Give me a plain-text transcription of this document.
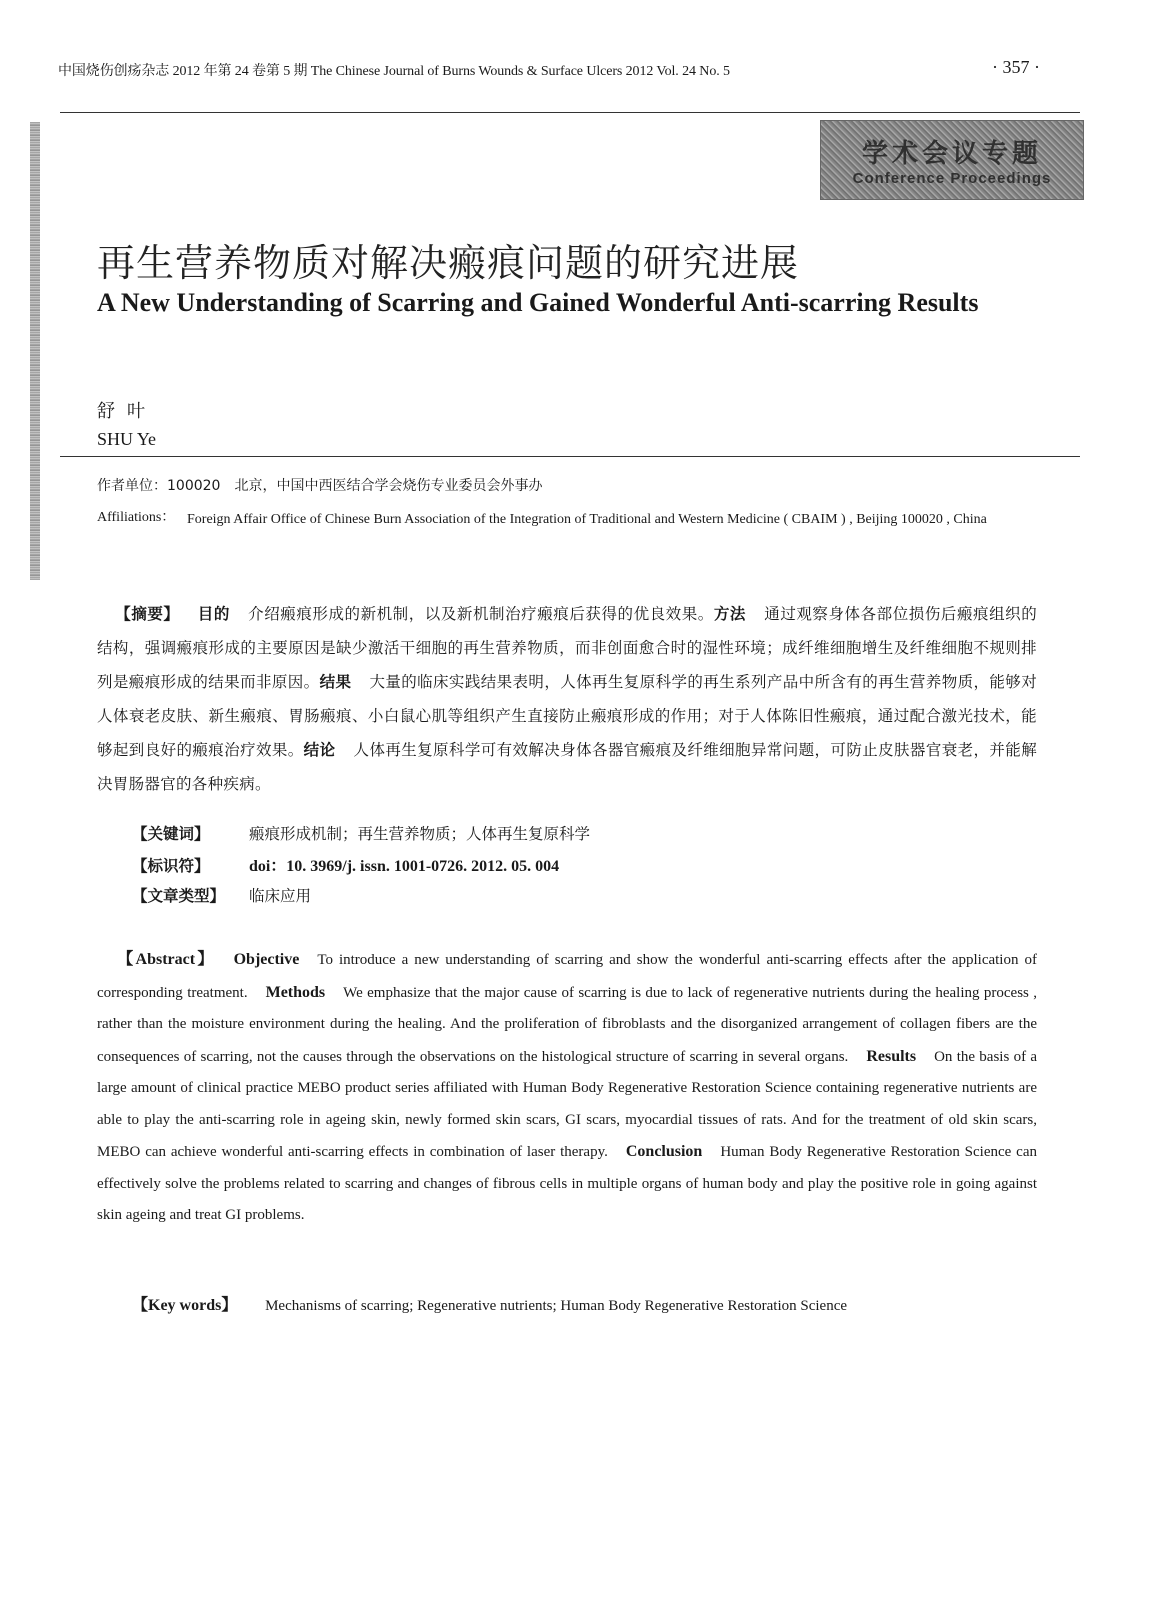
中国烧伤创疡杂志 2012 年第 24 卷第 5 期 The Chinese Journal of Burns Wounds & Surface Ulcers 2012 Vol. 24 No. 5	· 357 ·
学术会议专题
Conference Proceedings
再生营养物质对解决瘢痕问题的研究进展
A New Understanding of Scarring and Gained Wonderful Anti-scarring Results
舒叶
SHU Ye
作者单位：100020　北京，中国中西医结合学会烧伤专业委员会外事办
Affiliations： Foreign Affair Office of Chinese Burn Association of the Integration of Traditional and Western Medicine ( CBAIM ) , Beijing 100020 , China
【摘要】 目的 介绍瘢痕形成的新机制，以及新机制治疗瘢痕后获得的优良效果。方法 通过观察身体各部位损伤后瘢痕组织的结构，强调瘢痕形成的主要原因是缺少激活干细胞的再生营养物质，而非创面愈合时的湿性环境；成纤维细胞增生及纤维细胞不规则排列是瘢痕形成的结果而非原因。结果 大量的临床实践结果表明，人体再生复原科学的再生系列产品中所含有的再生营养物质，能够对人体衰老皮肤、新生瘢痕、胃肠瘢痕、小白鼠心肌等组织产生直接防止瘢痕形成的作用；对于人体陈旧性瘢痕，通过配合激光技术，能够起到良好的瘢痕治疗效果。结论 人体再生复原科学可有效解决身体各器官瘢痕及纤维细胞异常问题，可防止皮肤器官衰老，并能解决胃肠器官的各种疾病。
【关键词】	瘢痕形成机制；再生营养物质；人体再生复原科学
【标识符】 doi：10. 3969/j. issn. 1001-0726. 2012. 05. 004
【文章类型】 临床应用
【Abstract】 Objective To introduce a new understanding of scarring and show the wonderful anti-scarring effects after the application of corresponding treatment. Methods We emphasize that the major cause of scarring is due to lack of regenerative nutrients during the healing process , rather than the moisture environment during the healing. And the proliferation of fibroblasts and the disorganized arrangement of collagen fibers are the consequences of scarring, not the causes through the observations on the histological structure of scarring in several organs. Results On the basis of a large amount of clinical practice MEBO product series affiliated with Human Body Regenerative Restoration Science containing regenerative nutrients are able to play the anti-scarring role in ageing skin, newly formed skin scars, GI scars, myocardial tissues of rats. And for the treatment of old skin scars, MEBO can achieve wonderful anti-scarring effects in combination of laser therapy. Conclusion Human Body Regenerative Restoration Science can effectively solve the problems related to scarring and changes of fibrous cells in multiple organs of human body and play the positive role in going against skin ageing and treat GI problems.
【Key words】 Mechanisms of scarring; Regenerative nutrients; Human Body Regenerative Restoration Science
